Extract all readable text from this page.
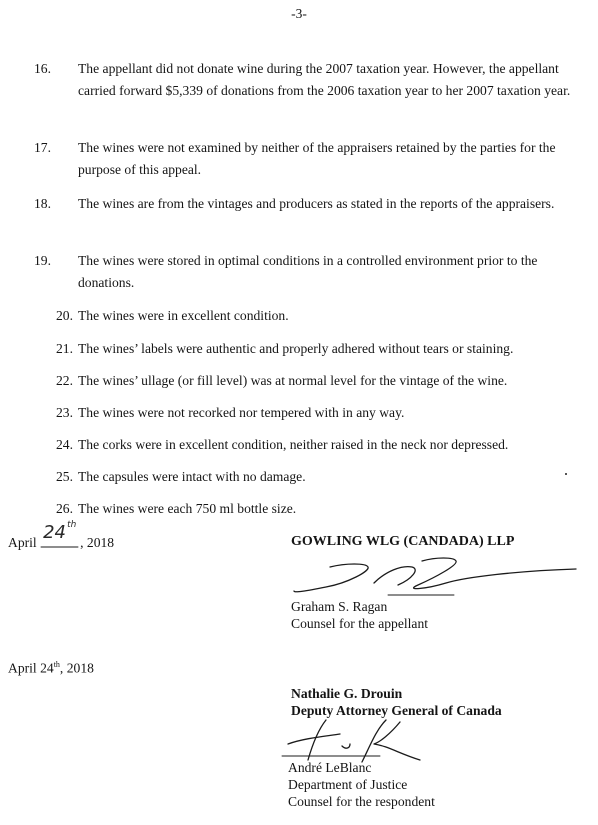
-3-
16. The appellant did not donate wine during the 2007 taxation year. However, the appellant carried forward $5,339 of donations from the 2006 taxation year to her 2007 taxation year.
17. The wines were not examined by neither of the appraisers retained by the parties for the purpose of this appeal.
18. The wines are from the vintages and producers as stated in the reports of the appraisers.
19. The wines were stored in optimal conditions in a controlled environment prior to the donations.
20. The wines were in excellent condition.
21. The wines’ labels were authentic and properly adhered without tears or staining.
22. The wines’ ullage (or fill level) was at normal level for the vintage of the wine.
23. The wines were not recorked nor tempered with in any way.
24. The corks were in excellent condition, neither raised in the neck nor depressed.
25. The capsules were intact with no damage.
26. The wines were each 750 ml bottle size.
April 24 th
, 2018	GOWLING WLG (CANDADA) LLP
Graham S. Ragan
Counsel for the appellant
April 24th, 2018
Nathalie G. Drouin
Deputy Attorney General of Canada
André LeBlanc
Department of Justice
Counsel for the respondent
